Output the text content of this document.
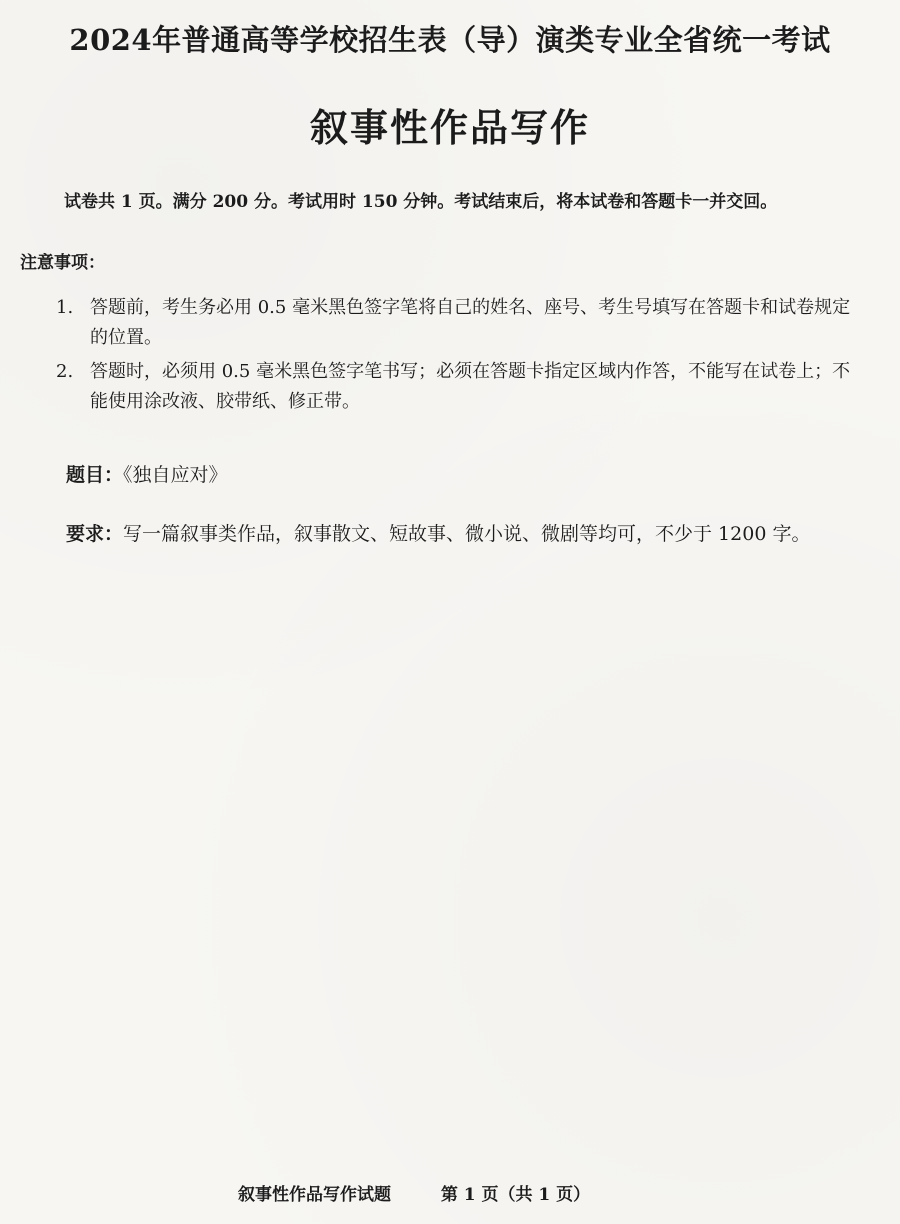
2024年普通高等学校招生表（导）演类专业全省统一考试
叙事性作品写作
试卷共 1 页。满分 200 分。考试用时 150 分钟。考试结束后，将本试卷和答题卡一并交回。
注意事项：
1. 答题前，考生务必用 0.5 毫米黑色签字笔将自己的姓名、座号、考生号填写在答题卡和试卷规定的位置。
2. 答题时，必须用 0.5 毫米黑色签字笔书写；必须在答题卡指定区域内作答，不能写在试卷上；不能使用涂改液、胶带纸、修正带。
题目：《独自应对》
要求：写一篇叙事类作品，叙事散文、短故事、微小说、微剧等均可，不少于 1200 字。
叙事性作品写作试题	第 1 页（共 1 页）
